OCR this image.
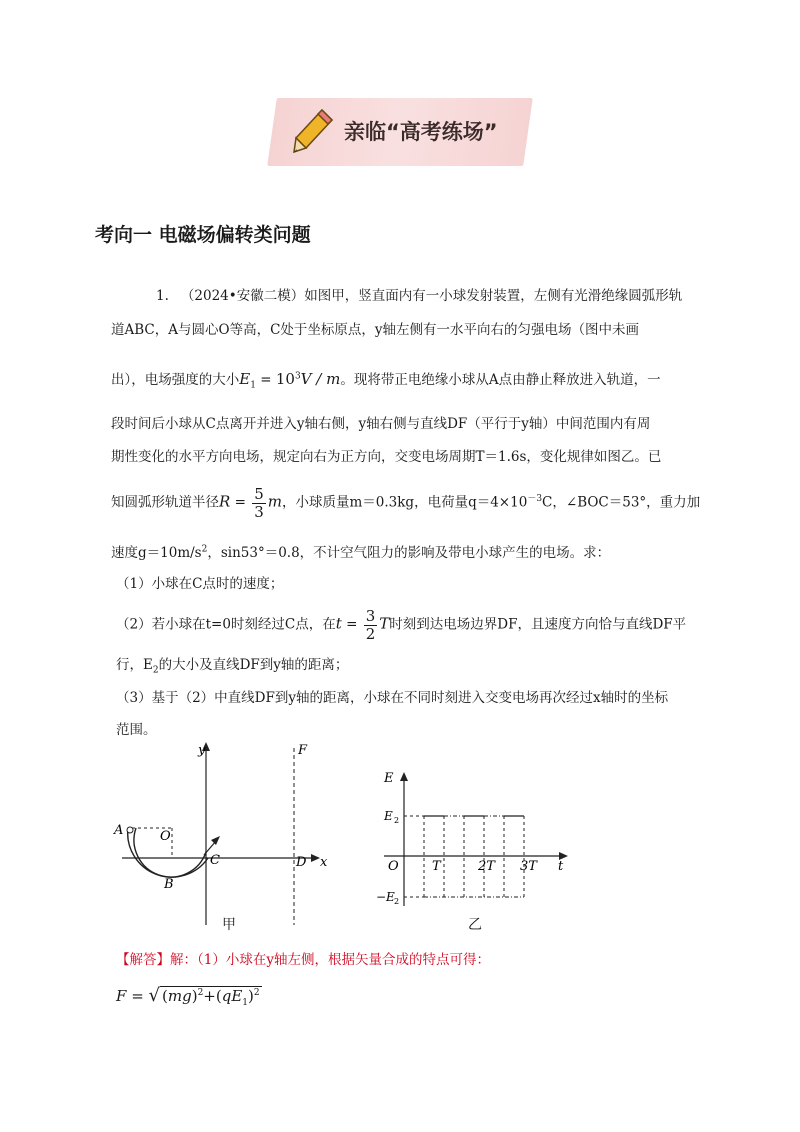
亲临“高考练场”
考向一 电磁场偏转类问题
1. （2024•安徽二模）如图甲，竖直面内有一小球发射装置，左侧有光滑绝缘圆弧形轨
道ABC，A与圆心O等高，C处于坐标原点，y轴左侧有一水平向右的匀强电场（图中未画
出），电场强度的大小$E_1 = 10^3V / m$。现将带正电绝缘小球从A点由静止释放进入轨道，一
段时间后小球从C点离开并进入y轴右侧，y轴右侧与直线DF（平行于y轴）中间范围内有周
期性变化的水平方向电场，规定向右为正方向，交变电场周期T＝1.6s，变化规律如图乙。已
知圆弧形轨道半径$R = \frac{5}{3}$ m，小球质量m＝0.3kg，电荷量$q=4\times 10^{-3}C$，∠BOC＝53°，重力加
速度$g=10m/s^2$，sin53°＝0.8，不计空气阻力的影响及带电小球产生的电场。求：
（1）小球在C点时的速度；
（2）若小球在t=0时刻经过C点，在$t = \frac{3}{2}$ T时刻到达电场边界DF，且速度方向恰与直线DF平
行，$E_2$的大小及直线DF到y轴的距离；
（3）基于（2）中直线DF到y轴的距离，小球在不同时刻进入交变电场再次经过x轴时的坐标
范围。
y	F
A	O
C	D x
B
甲
E
E 2
O	T	2T 3T t
−E 2
乙
【解答】解：（1）小球在y轴左侧，根据矢量合成的特点可得：
F = √ $(mg)^2+(qE_1)^2$
